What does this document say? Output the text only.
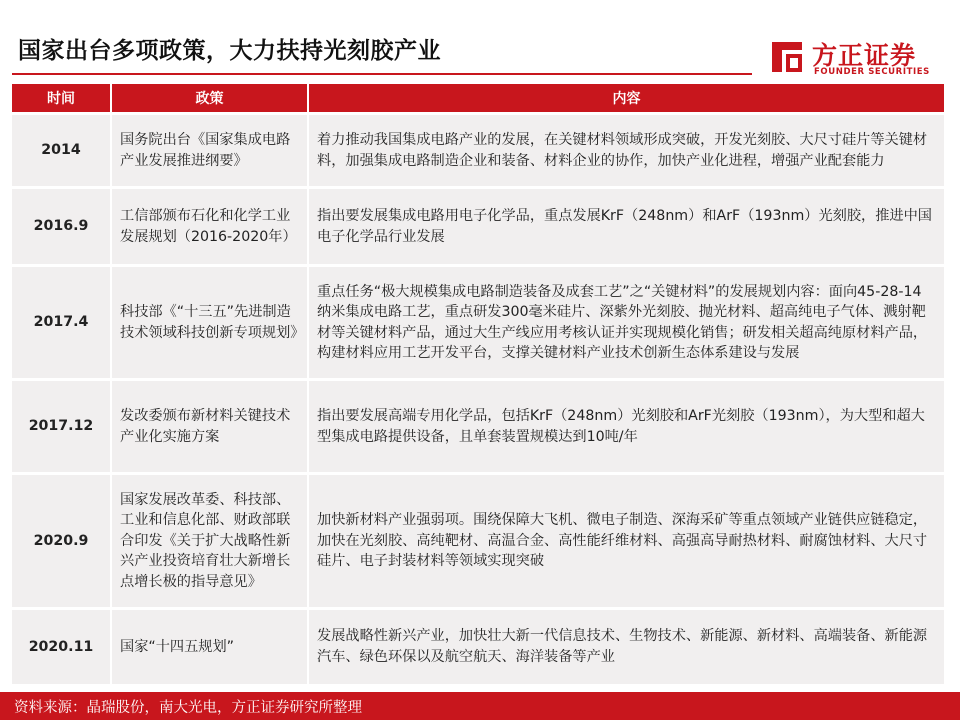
国家出台多项政策，大力扶持光刻胶产业	方正证券
FOUNDER SECURITIES
时间	政策	内容
2014	国务院出台《国家集成电路产业发展推进纲要》	着力推动我国集成电路产业的发展，在关键材料领域形成突破，开发光刻胶、大尺寸硅片等关键材料，加强集成电路制造企业和装备、材料企业的协作，加快产业化进程，增强产业配套能力
2016.9	工信部颁布石化和化学工业发展规划（2016-2020年）	指出要发展集成电路用电子化学品，重点发展KrF（248nm）和ArF（193nm）光刻胶，推进中国电子化学品行业发展
2017.4	科技部《“十三五”先进制造技术领域科技创新专项规划》	重点任务“极大规模集成电路制造装备及成套工艺”之“关键材料”的发展规划内容：面向45-28-14纳米集成电路工艺，重点研发300毫米硅片、深紫外光刻胶、抛光材料、超高纯电子气体、溅射靶材等关键材料产品，通过大生产线应用考核认证并实现规模化销售；研发相关超高纯原材料产品，构建材料应用工艺开发平台，支撑关键材料产业技术创新生态体系建设与发展
2017.12	发改委颁布新材料关键技术产业化实施方案	指出要发展高端专用化学品，包括KrF（248nm）光刻胶和ArF光刻胶（193nm），为大型和超大型集成电路提供设备，且单套装置规模达到10吨/年
2020.9	国家发展改革委、科技部、工业和信息化部、财政部联合印发《关于扩大战略性新兴产业投资培育壮大新增长点增长极的指导意见》	加快新材料产业强弱项。围绕保障大飞机、微电子制造、深海采矿等重点领域产业链供应链稳定，加快在光刻胶、高纯靶材、高温合金、高性能纤维材料、高强高导耐热材料、耐腐蚀材料、大尺寸硅片、电子封装材料等领域实现突破
2020.11	国家“十四五规划”	发展战略性新兴产业，加快壮大新一代信息技术、生物技术、新能源、新材料、高端装备、新能源汽车、绿色环保以及航空航天、海洋装备等产业
资料来源：晶瑞股份，南大光电，方正证券研究所整理
